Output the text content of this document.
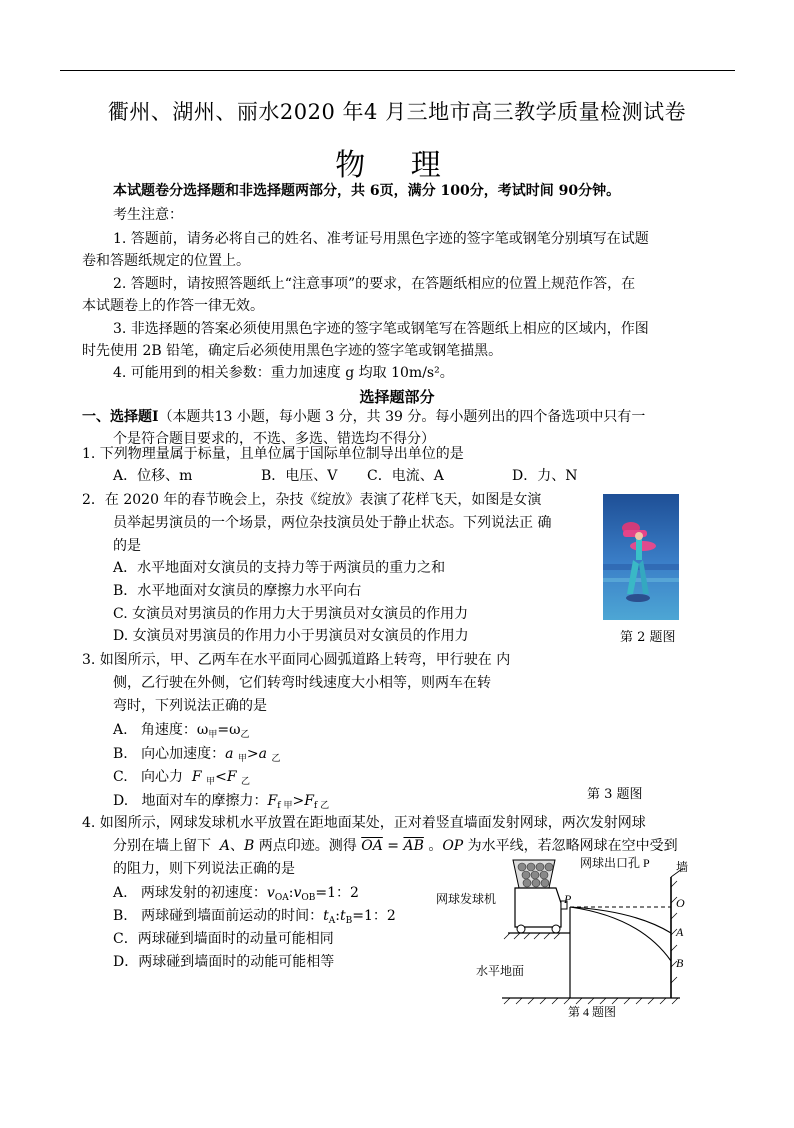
衢州、湖州、丽水2020 年4 月三地市高三教学质量检测试卷
物 理
本试题卷分选择题和非选择题两部分，共 6页，满分 100分，考试时间 90分钟。
考生注意：
1. 答题前，请务必将自己的姓名、准考证号用黑色字迹的签字笔或钢笔分别填写在试题
卷和答题纸规定的位置上。
2. 答题时，请按照答题纸上“注意事项”的要求，在答题纸相应的位置上规范作答，在
本试题卷上的作答一律无效。
3. 非选择题的答案必须使用黑色字迹的签字笔或钢笔写在答题纸上相应的区域内，作图
时先使用 2B 铅笔，确定后必须使用黑色字迹的签字笔或钢笔描黑。
4. 可能用到的相关参数：重力加速度 g 均取 10m/s²。
选择题部分
一、选择题Ⅰ（本题共13 小题，每小题 3 分，共 39 分。每小题列出的四个备选项中只有一
个是符合题目要求的，不选、多选、错选均不得分）
1. 下列物理量属于标量，且单位属于国际单位制导出单位的是
A．位移、m	B．电压、V C．电流、A	D．力、N
2．在 2020 年的春节晚会上，杂技《绽放》表演了花样飞天，如图是女演
员举起男演员的一个场景，两位杂技演员处于静止状态。下列说法正 确
的是
A．水平地面对女演员的支持力等于两演员的重力之和
B．水平地面对女演员的摩擦力水平向右
C. 女演员对男演员的作用力大于男演员对女演员的作用力
D. 女演员对男演员的作用力小于男演员对女演员的作用力	第 2 题图
3. 如图所示，甲、乙两车在水平面同心圆弧道路上转弯，甲行驶在 内
侧，乙行驶在外侧，它们转弯时线速度大小相等，则两车在转
弯时，下列说法正确的是
A.   角速度：$\omega_甲=\omega_乙$
B.   向心加速度：a $_甲$>a $_乙$
C.   向心力  F $_甲$<F $_乙$
D.   地面对车的摩擦力：$F_{f 甲}>F_{f 乙}$
第 3 题图
4. 如图所示，网球发球机水平放置在距地面某处，正对着竖直墙面发射网球，两次发射网球
分别在墙上留下  A、B 两点印迹。测得 $\overline{OA} = \overline{AB}$ 。OP 为水平线，若忽略网球在空中受到
的阻力，则下列说法正确的是
A.   两球发射的初速度：$v_{OA}:v_{OB}=1$：2
B.   两球碰到墙面前运动的时间：$t_A:t_B=1$：2
C．两球碰到墙面时的动量可能相同
D．两球碰到墙面时的动能可能相等
网球出口孔 P 墙
网球发球机
水平地面
P	O
A
B
第 4 题图
